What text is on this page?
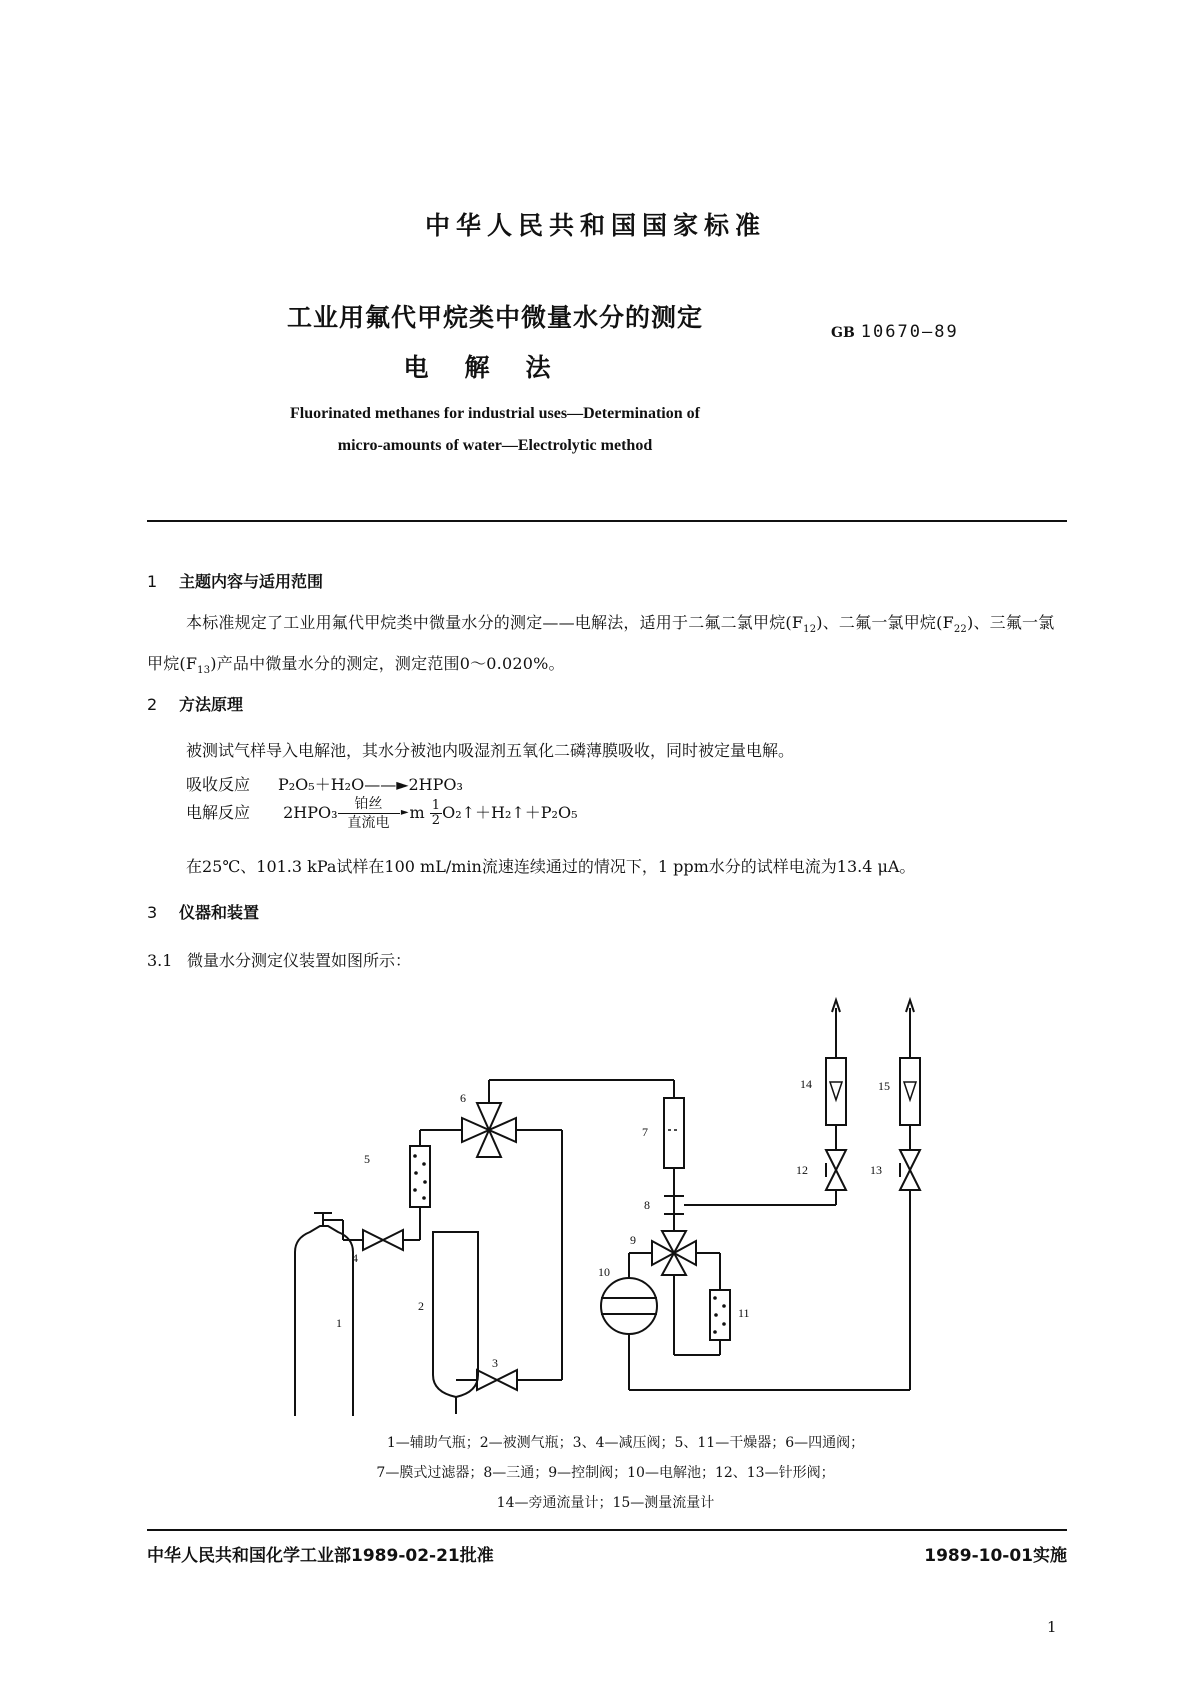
中华人民共和国国家标准
工业用氟代甲烷类中微量水分的测定
电解法
GB 10670—89
Fluorinated methanes for industrial uses—Determination of
micro-amounts of water—Electrolytic method
1 主题内容与适用范围
本标准规定了工业用氟代甲烷类中微量水分的测定——电解法，适用于二氟二氯甲烷$(F_{12})$、二氟一氯甲烷$(F_{22})$、三氟一氯甲烷$(F_{13})$产品中微量水分的测定，测定范围0～0.020%。
2 方法原理
被测试气样导入电解池，其水分被池内吸湿剂五氧化二磷薄膜吸收，同时被定量电解。
吸收反应 P₂O₅＋H₂O——►2HPO₃
电解反应 2HPO₃	铂丝
►
直流电m $\frac{1}{2}O_2↑+H_2↑+P_2O_5$
在25℃、101.3 kPa试样在100 mL/min流速连续通过的情况下，1 ppm水分的试样电流为13.4 μA。
3 仪器和装置
3.1 微量水分测定仪装置如图所示：
1
2
3
4
5
6
7
8
9
10
11
12	13
14	15
1—辅助气瓶；2—被测气瓶；3、4—减压阀；5、11—干燥器；6—四通阀；
7—膜式过滤器；8—三通；9—控制阀；10—电解池；12、13—针形阀；
14—旁通流量计；15—测量流量计
中华人民共和国化学工业部1989-02-21批准	1989-10-01实施
1
